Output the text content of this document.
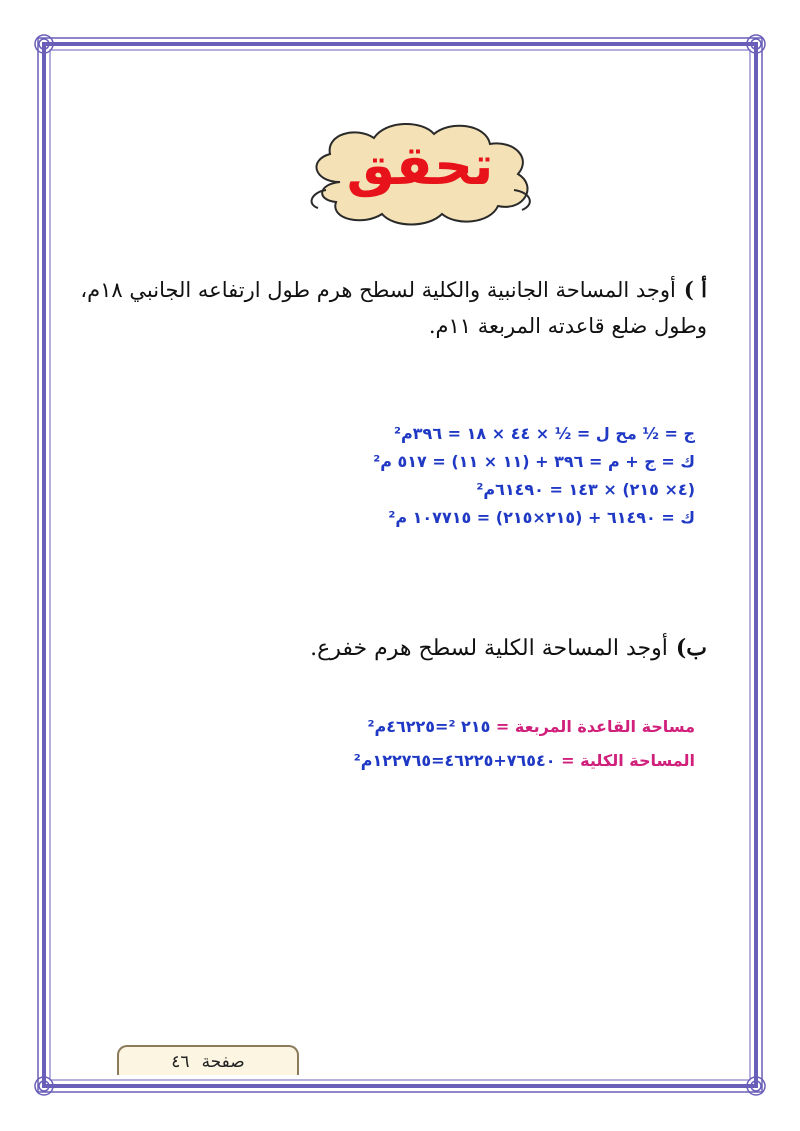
تحقق
أ )أوجد المساحة الجانبية والكلية لسطح هرم طول ارتفاعه الجانبي ١٨م، وطول ضلع قاعدته المربعة ١١م.
ج = ½ مح ل = ½ × ٤٤ × ١٨ = ٣٩٦م²
ك = ج + م = ٣٩٦ + (١١ × ١١) = ٥١٧ م²
(٤× ٢١٥) × ١٤٣ = ٦١٤٩٠م²
ك = ٦١٤٩٠ + (٢١٥×٢١٥) = ١٠٧٧١٥ م²
ب)أوجد المساحة الكلية لسطح هرم خفرع.
مساحة القاعدة المربعة = ٢١٥ ²=٤٦٢٢٥م²
المساحة الكلية = ٧٦٥٤٠+٤٦٢٢٥=١٢٢٧٦٥م²
صفحة٤٦
